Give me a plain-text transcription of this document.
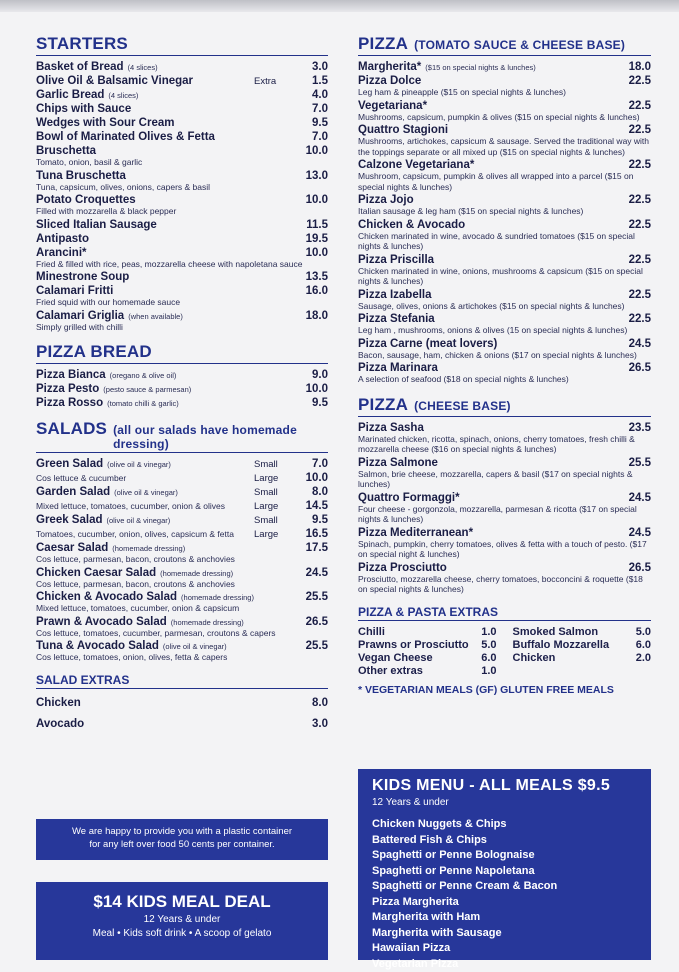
STARTERS
Basket of Bread (4 slices)	3.0
Olive Oil & Balsamic Vinegar	Extra	1.5
Garlic Bread (4 slices)	4.0
Chips with Sauce	7.0
Wedges with Sour Cream	9.5
Bowl of Marinated Olives & Fetta	7.0
Bruschetta	10.0
Tomato, onion, basil & garlic
Tuna Bruschetta	13.0
Tuna, capsicum, olives, onions, capers & basil
Potato Croquettes	10.0
Filled with mozzarella & black pepper
Sliced Italian Sausage	11.5
Antipasto	19.5
Arancini*	10.0
Fried & filled with rice, peas, mozzarella cheese with napoletana sauce
Minestrone Soup	13.5
Calamari Fritti	16.0
Fried squid with our homemade sauce
Calamari Griglia (when available)	18.0
Simply grilled with chilli
PIZZA BREAD
Pizza Bianca (oregano & olive oil)	9.0
Pizza Pesto (pesto sauce & parmesan)	10.0
Pizza Rosso (tomato chilli & garlic)	9.5
SALADS (all our salads have homemade dressing)
Green Salad (olive oil & vinegar)	Small	7.0
Cos lettuce & cucumber	Large	10.0
Garden Salad (olive oil & vinegar)	Small	8.0
Mixed lettuce, tomatoes, cucumber, onion & olives	Large	14.5
Greek Salad (olive oil & vinegar)	Small	9.5
Tomatoes, cucumber, onion, olives, capsicum & fetta Large	16.5
Caesar Salad (homemade dressing)	17.5
Cos lettuce, parmesan, bacon, croutons & anchovies
Chicken Caesar Salad (homemade dressing)	24.5
Cos lettuce, parmesan, bacon, croutons & anchovies
Chicken & Avocado Salad (homemade dressing)	25.5
Mixed lettuce, tomatoes, cucumber, onion & capsicum
Prawn & Avocado Salad (homemade dressing)	26.5
Cos lettuce, tomatoes, cucumber, parmesan, croutons & capers
Tuna & Avocado Salad (olive oil & vinegar)	25.5
Cos lettuce, tomatoes, onion, olives, fetta & capers
SALAD EXTRAS
Chicken	8.0
Avocado	3.0
We are happy to provide you with a plastic container
for any left over food 50 cents per container.
$14 KIDS MEAL DEAL
12 Years & under
Meal • Kids soft drink • A scoop of gelato
PIZZA (TOMATO SAUCE & CHEESE BASE)
Margherita* ($15 on special nights & lunches)	18.0
Pizza Dolce	22.5
Leg ham & pineapple ($15 on special nights & lunches)
Vegetariana*	22.5
Mushrooms, capsicum, pumpkin & olives ($15 on special nights & lunches)
Quattro Stagioni	22.5
Mushrooms, artichokes, capsicum & sausage. Served the traditional way with the toppings separate or all mixed up ($15 on special nights & lunches)
Calzone Vegetariana*	22.5
Mushroom, capsicum, pumpkin & olives all wrapped into a parcel ($15 on special nights & lunches)
Pizza Jojo	22.5
Italian sausage & leg ham ($15 on special nights & lunches)
Chicken & Avocado	22.5
Chicken marinated in wine, avocado & sundried tomatoes ($15 on special nights & lunches)
Pizza Priscilla	22.5
Chicken marinated in wine, onions, mushrooms & capsicum ($15 on special nights & lunches)
Pizza Izabella	22.5
Sausage, olives, onions & artichokes ($15 on special nights & lunches)
Pizza Stefania	22.5
Leg ham , mushrooms, onions & olives (15 on special nights & lunches)
Pizza Carne (meat lovers)	24.5
Bacon, sausage, ham, chicken & onions ($17 on special nights & lunches)
Pizza Marinara	26.5
A selection of seafood ($18 on special nights & lunches)
PIZZA (CHEESE BASE)
Pizza Sasha	23.5
Marinated chicken, ricotta, spinach, onions, cherry tomatoes, fresh chilli & mozzarella cheese ($16 on special nights & lunches)
Pizza Salmone	25.5
Salmon, brie cheese, mozzarella, capers & basil ($17 on special nights & lunches)
Quattro Formaggi*	24.5
Four cheese - gorgonzola, mozzarella, parmesan & ricotta ($17 on special nights & lunches)
Pizza Mediterranean*	24.5
Spinach, pumpkin, cherry tomatoes, olives & fetta with a touch of pesto. ($17 on special night & lunches)
Pizza Prosciutto	26.5
Prosciutto, mozzarella cheese, cherry tomatoes, bocconcini & roquette ($18 on special nights & lunches)
PIZZA & PASTA EXTRAS
Chilli	1.0
Prawns or Prosciutto 5.0
Vegan Cheese	6.0
Other extras	1.0
Smoked Salmon	5.0
Buffalo Mozzarella 6.0
Chicken	2.0
* VEGETARIAN MEALS (GF) GLUTEN FREE MEALS
KIDS MENU - ALL MEALS $9.5
12 Years & under
Chicken Nuggets & Chips
Battered Fish & Chips
Spaghetti or Penne Bolognaise
Spaghetti or Penne Napoletana
Spaghetti or Penne Cream & Bacon
Pizza Margherita
Margherita with Ham
Margherita with Sausage
Hawaiian Pizza
Vegetarian Pizza
